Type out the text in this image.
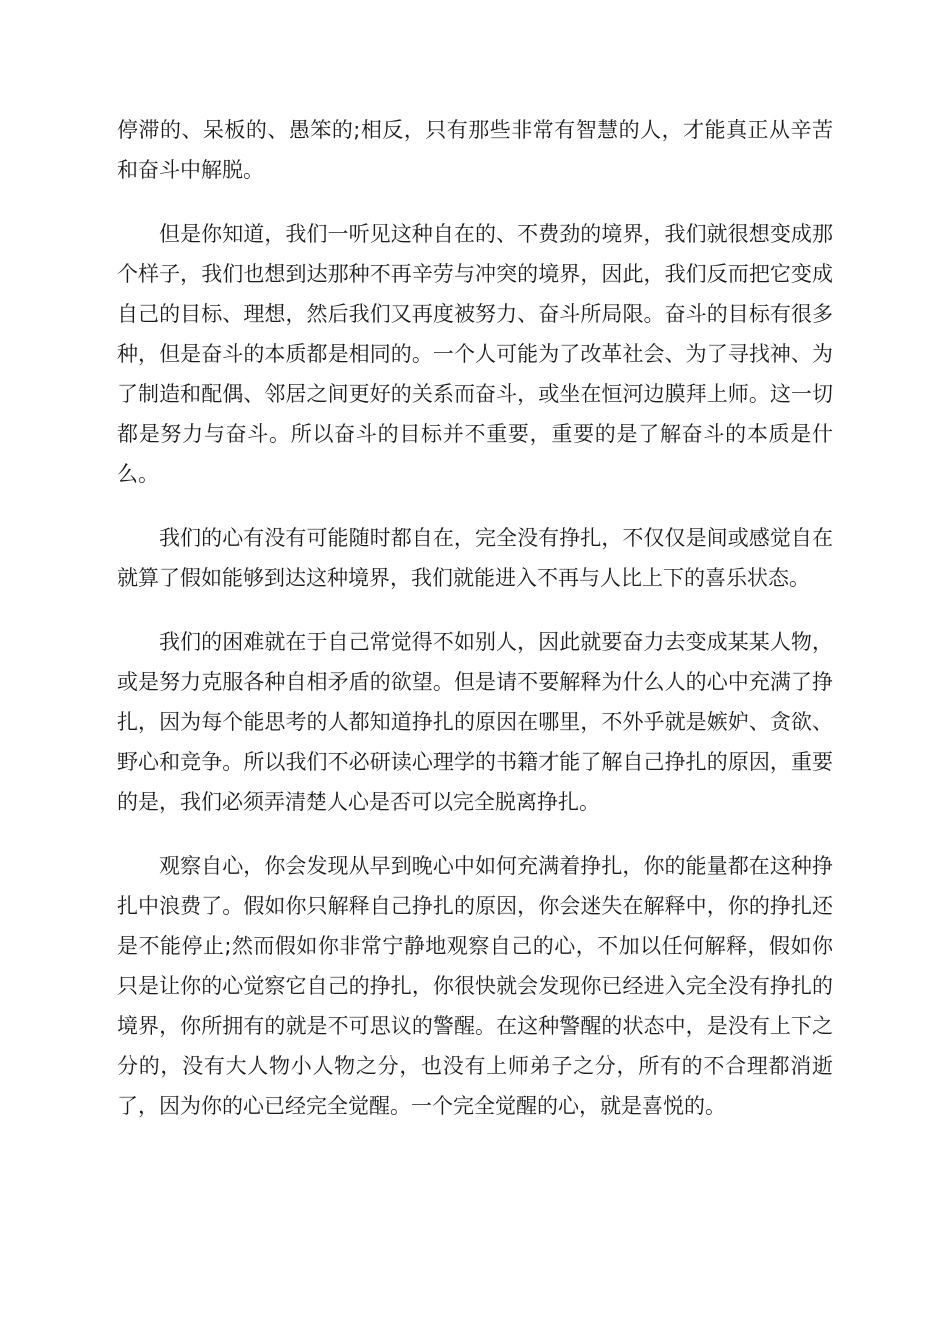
停滞的、呆板的、愚笨的;相反，只有那些非常有智慧的人，才能真正从辛苦和奋斗中解脱。

但是你知道，我们一听见这种自在的、不费劲的境界，我们就很想变成那个样子，我们也想到达那种不再辛劳与冲突的境界，因此，我们反而把它变成自己的目标、理想，然后我们又再度被努力、奋斗所局限。奋斗的目标有很多种，但是奋斗的本质都是相同的。一个人可能为了改革社会、为了寻找神、为了制造和配偶、邻居之间更好的关系而奋斗，或坐在恒河边膜拜上师。这一切都是努力与奋斗。所以奋斗的目标并不重要，重要的是了解奋斗的本质是什么。

我们的心有没有可能随时都自在，完全没有挣扎，不仅仅是间或感觉自在就算了假如能够到达这种境界，我们就能进入不再与人比上下的喜乐状态。

我们的困难就在于自己常觉得不如别人，因此就要奋力去变成某某人物，或是努力克服各种自相矛盾的欲望。但是请不要解释为什么人的心中充满了挣扎，因为每个能思考的人都知道挣扎的原因在哪里，不外乎就是嫉妒、贪欲、野心和竞争。所以我们不必研读心理学的书籍才能了解自己挣扎的原因，重要的是，我们必须弄清楚人心是否可以完全脱离挣扎。

观察自心，你会发现从早到晚心中如何充满着挣扎，你的能量都在这种挣扎中浪费了。假如你只解释自己挣扎的原因，你会迷失在解释中，你的挣扎还是不能停止;然而假如你非常宁静地观察自己的心，不加以任何解释，假如你只是让你的心觉察它自己的挣扎，你很快就会发现你已经进入完全没有挣扎的境界，你所拥有的就是不可思议的警醒。在这种警醒的状态中，是没有上下之分的，没有大人物小人物之分，也没有上师弟子之分，所有的不合理都消逝了，因为你的心已经完全觉醒。一个完全觉醒的心，就是喜悦的。
